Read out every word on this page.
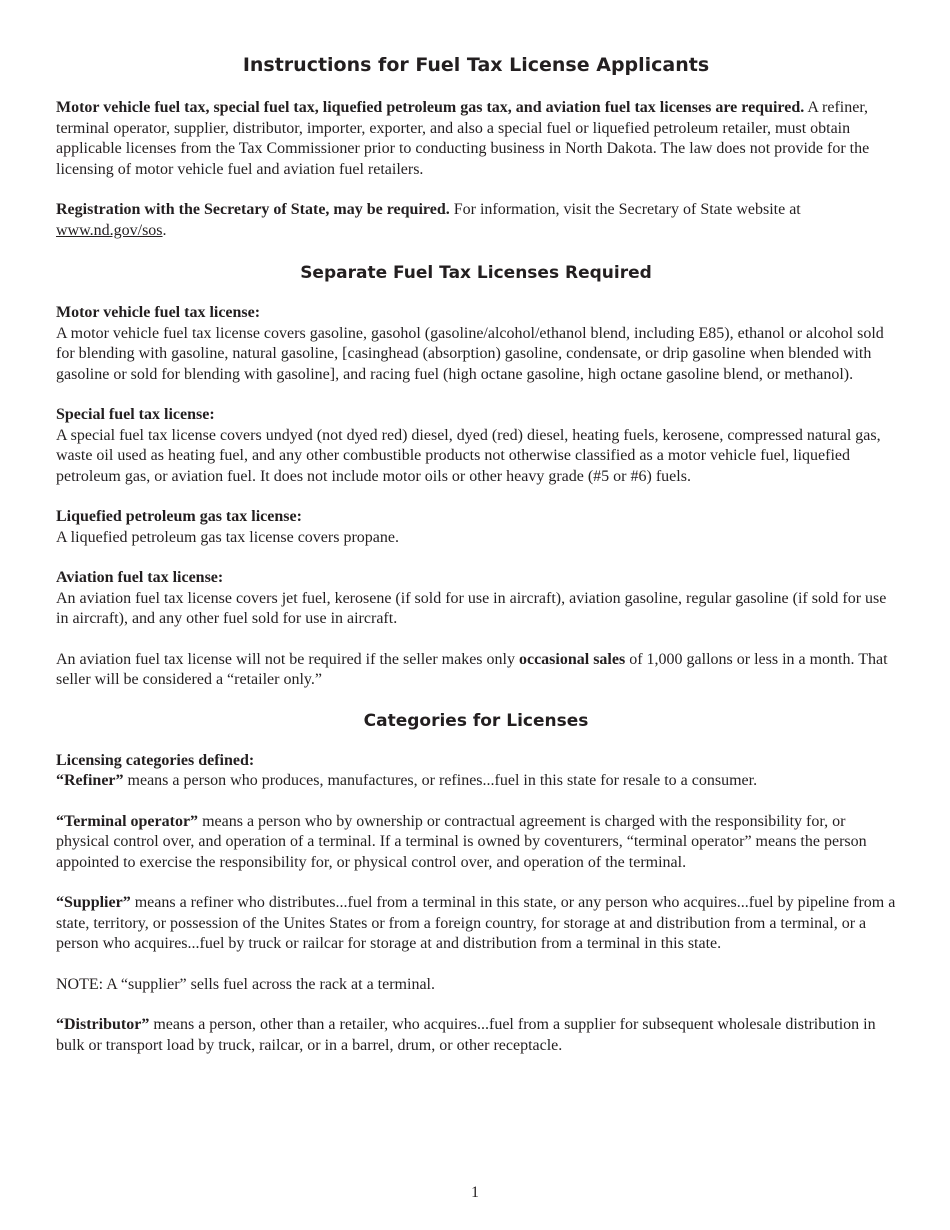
Instructions for Fuel Tax License Applicants

Motor vehicle fuel tax, special fuel tax, liquefied petroleum gas tax, and aviation fuel tax licenses are required. A refiner, terminal operator, supplier, distributor, importer, exporter, and also a special fuel or liquefied petroleum retailer, must obtain applicable licenses from the Tax Commissioner prior to conducting business in North Dakota. The law does not provide for the licensing of motor vehicle fuel and aviation fuel retailers.

Registration with the Secretary of State, may be required. For information, visit the Secretary of State website at www.nd.gov/sos.

Separate Fuel Tax Licenses Required

Motor vehicle fuel tax license:
A motor vehicle fuel tax license covers gasoline, gasohol (gasoline/alcohol/ethanol blend, including E85), ethanol or alcohol sold for blending with gasoline, natural gasoline, [casinghead (absorption) gasoline, condensate, or drip gasoline when blended with gasoline or sold for blending with gasoline], and racing fuel (high octane gasoline, high octane gasoline blend, or methanol).

Special fuel tax license:
A special fuel tax license covers undyed (not dyed red) diesel, dyed (red) diesel, heating fuels, kerosene, compressed natural gas, waste oil used as heating fuel, and any other combustible products not otherwise classified as a motor vehicle fuel, liquefied petroleum gas, or aviation fuel. It does not include motor oils or other heavy grade (#5 or #6) fuels.

Liquefied petroleum gas tax license:
A liquefied petroleum gas tax license covers propane.

Aviation fuel tax license:
An aviation fuel tax license covers jet fuel, kerosene (if sold for use in aircraft), aviation gasoline, regular gasoline (if sold for use in aircraft), and any other fuel sold for use in aircraft.

An aviation fuel tax license will not be required if the seller makes only occasional sales of 1,000 gallons or less in a month. That seller will be considered a “retailer only.”

Categories for Licenses

Licensing categories defined:
“Refiner” means a person who produces, manufactures, or refines...fuel in this state for resale to a consumer.

“Terminal operator” means a person who by ownership or contractual agreement is charged with the responsibility for, or physical control over, and operation of a terminal. If a terminal is owned by coventurers, “terminal operator” means the person appointed to exercise the responsibility for, or physical control over, and operation of the terminal.

“Supplier” means a refiner who distributes...fuel from a terminal in this state, or any person who acquires...fuel by pipeline from a state, territory, or possession of the Unites States or from a foreign country, for storage at and distribution from a terminal, or a person who acquires...fuel by truck or railcar for storage at and distribution from a terminal in this state.

NOTE: A “supplier” sells fuel across the rack at a terminal.

“Distributor” means a person, other than a retailer, who acquires...fuel from a supplier for subsequent wholesale distribution in bulk or transport load by truck, railcar, or in a barrel, drum, or other receptacle.

1
